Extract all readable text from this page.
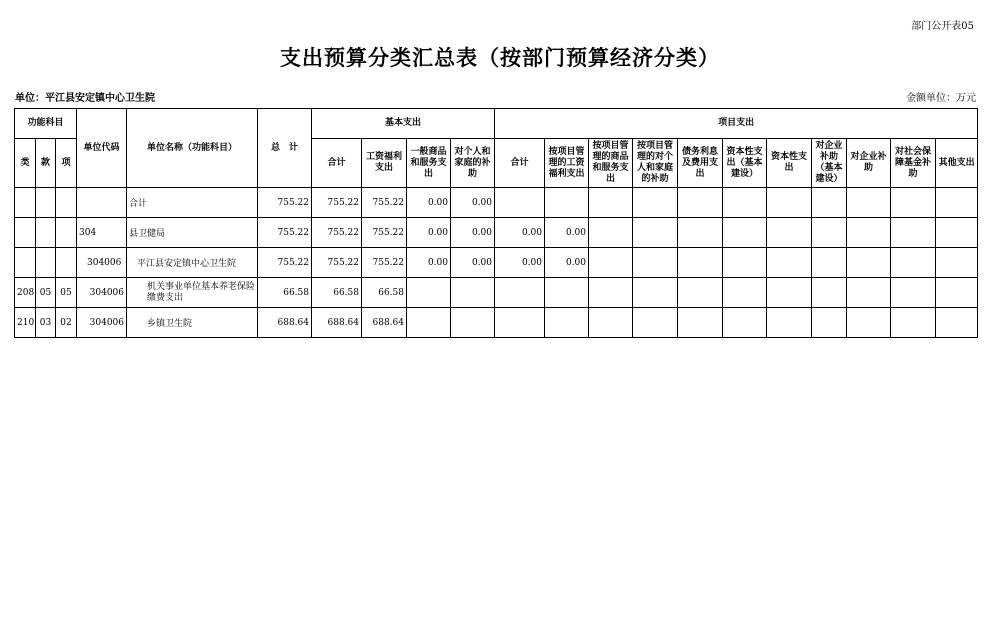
部门公开表05
支出预算分类汇总表（按部门预算经济分类）
单位：平江县安定镇中心卫生院	金额单位：万元
功能科目			单位代码	单位名称（功能科目）	总　计	基本支出				项目支出										
类	款	项				合计	工资福利支出	一般商品和服务支出	对个人和家庭的补助	合计	按项目管理的工资福利支出	按项目管理的商品和服务支出	按项目管理的对个人和家庭的补助	债务利息及费用支出	资本性支出（基本建设）	资本性支出	对企业补助（基本建设）	对企业补助	对社会保障基金补助	其他支出
				合计	755.22	755.22	755.22	0.00	0.00											
			304	县卫健局	755.22	755.22	755.22	0.00	0.00	0.00	0.00									
			304006	平江县安定镇中心卫生院	755.22	755.22	755.22	0.00	0.00	0.00	0.00									
208	05	05	304006	机关事业单位基本养老保险缴费支出	66.58	66.58	66.58													
210	03	02	304006	乡镇卫生院	688.64	688.64	688.64													
